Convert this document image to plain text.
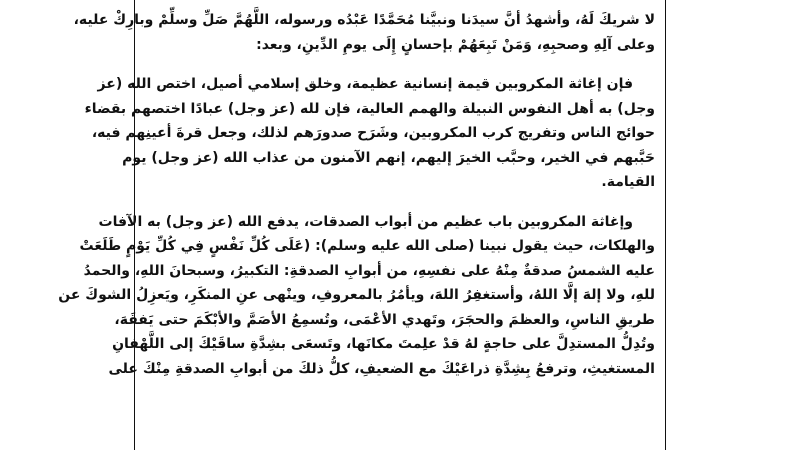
لا شريكَ لَهُ، وأشهدُ أنَّ سيدَنا ونبيَّنا مُحَمَّدًا عَبْدُه ورسوله، اللَّهُمَّ صَلِّ وسلِّمْ وبارِكْ عليه،
وعلى آلِهِ وصحبِهِ، وَمَنْ تَبِعَهُمْ بإحسانٍ إِلَى يومِ الدِّينِ، وبعد:
فإن إغاثة المكروبين قيمة إنسانية عظيمة، وخلق إسلامي أصيل، اختص الله (عز
وجل) به أهل النفوس النبيلة والهمم العالية، فإن لله (عز وجل) عبادًا اختصهم بقضاء
حوائج الناس وتفريج كرب المكروبين، وشَرَح صدورَهم لذلك، وجعل قرةَ أعينِهم فيه،
حَبَّبهم في الخير، وحبَّب الخيرَ إليهم، إنهم الآمنون من عذاب الله (عز وجل) يوم
القيامة.
وإغاثة المكروبين باب عظيم من أبواب الصدقات، يدفع الله (عز وجل) به الآفات
والهلكات، حيث يقول نبينا (صلى الله عليه وسلم): (عَلَى كُلِّ نَفْسٍ فِي كُلِّ يَوْمٍ طَلَعَتْ
عليه الشمسُ صدقةٌ مِنْهُ على نفسِهِ، من أبوابِ الصدقةِ: التكبيرُ، وسبحانَ اللهِ، والحمدُ
للهِ، ولا إلهَ إلَّا اللهُ، وأستغفِرُ اللهَ، ويأمُرُ بالمعروفِ، وينْهى عنِ المنكَرِ، ويَعزِلُ الشوكَ عن
طريقِ الناسِ، والعظمَ والحجَرَ، وتَهدي الأعْمَى، وتُسمِعُ الأصَمَّ والأبْكَمَ حتى يَفقَهَ،
وتُدِلُّ المستدِلَّ على حاجةٍ لهُ قدْ علِمتَ مكانَها، وتَسعَى بشِدَّةِ ساقَيْكَ إلى اللَّهْفانِ
المستغيثِ، وترفعُ بِشِدَّةِ ذراعَيْكَ مع الضعيفِ، كلُّ ذلكَ من أبوابِ الصدقةِ مِنْكَ على
